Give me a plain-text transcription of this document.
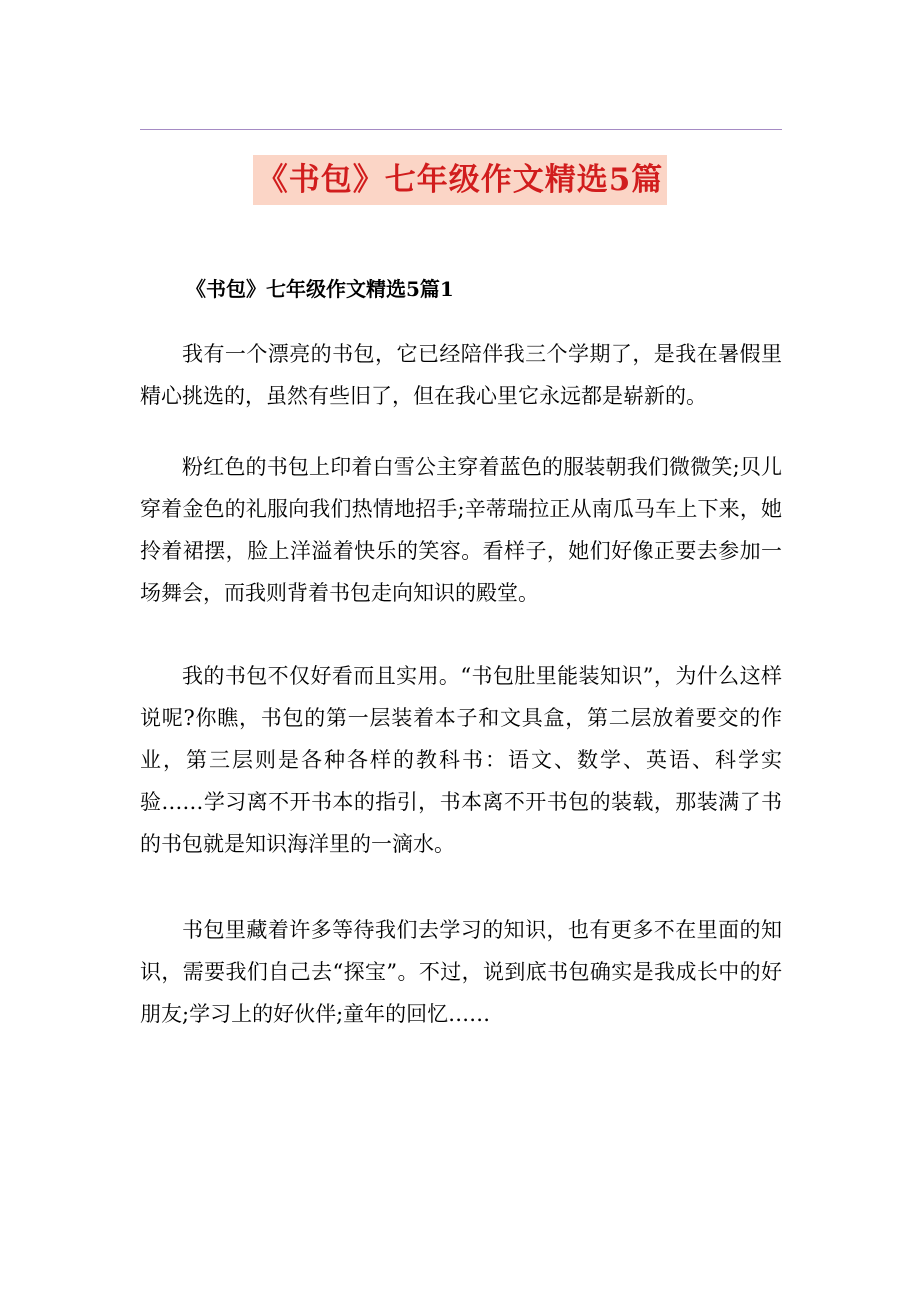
《书包》七年级作文精选5篇
《书包》七年级作文精选5篇1

我有一个漂亮的书包，它已经陪伴我三个学期了，是我在暑假里精心挑选的，虽然有些旧了，但在我心里它永远都是崭新的。

粉红色的书包上印着白雪公主穿着蓝色的服装朝我们微微笑;贝儿穿着金色的礼服向我们热情地招手;辛蒂瑞拉正从南瓜马车上下来，她拎着裙摆，脸上洋溢着快乐的笑容。看样子，她们好像正要去参加一场舞会，而我则背着书包走向知识的殿堂。

我的书包不仅好看而且实用。“书包肚里能装知识”，为什么这样说呢?你瞧，书包的第一层装着本子和文具盒，第二层放着要交的作业，第三层则是各种各样的教科书：语文、数学、英语、科学实验……学习离不开书本的指引，书本离不开书包的装载，那装满了书的书包就是知识海洋里的一滴水。

书包里藏着许多等待我们去学习的知识，也有更多不在里面的知识，需要我们自己去“探宝”。不过，说到底书包确实是我成长中的好朋友;学习上的好伙伴;童年的回忆……
